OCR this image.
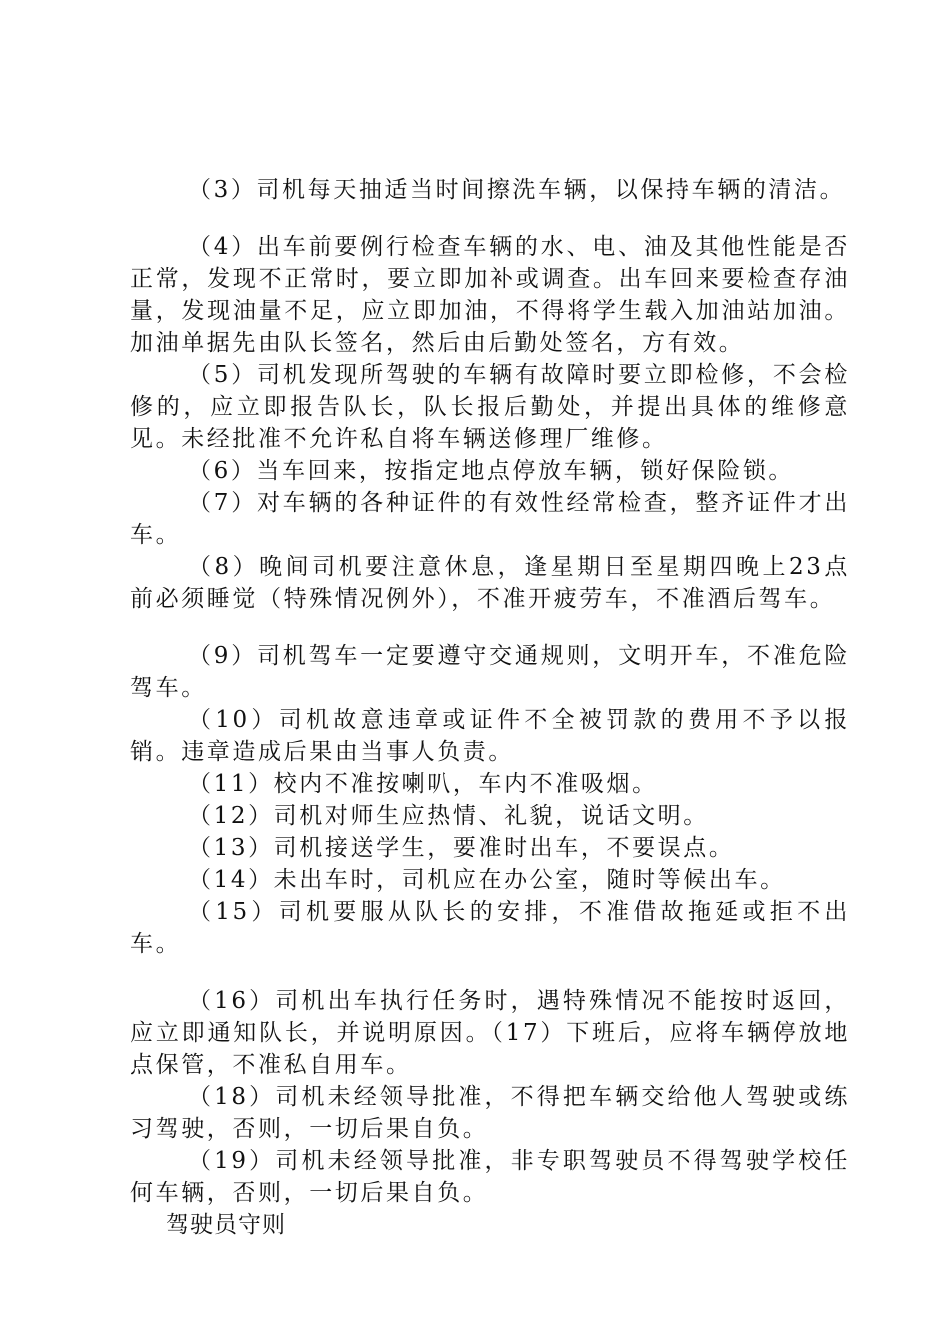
（3）司机每天抽适当时间擦洗车辆，以保持车辆的清洁。

（4）出车前要例行检查车辆的水、电、油及其他性能是否正常，发现不正常时，要立即加补或调查。出车回来要检查存油量，发现油量不足，应立即加油，不得将学生载入加油站加油。加油单据先由队长签名，然后由后勤处签名，方有效。

（5）司机发现所驾驶的车辆有故障时要立即检修，不会检修的，应立即报告队长，队长报后勤处，并提出具体的维修意见。未经批准不允许私自将车辆送修理厂维修。

（6）当车回来，按指定地点停放车辆，锁好保险锁。

（7）对车辆的各种证件的有效性经常检查，整齐证件才出车。

（8）晚间司机要注意休息，逢星期日至星期四晚上23点前必须睡觉（特殊情况例外），不准开疲劳车，不准酒后驾车。

（9）司机驾车一定要遵守交通规则，文明开车，不准危险驾车。

（10）司机故意违章或证件不全被罚款的费用不予以报销。违章造成后果由当事人负责。

（11）校内不准按喇叭，车内不准吸烟。

（12）司机对师生应热情、礼貌，说话文明。

（13）司机接送学生，要准时出车，不要误点。

（14）未出车时，司机应在办公室，随时等候出车。

（15）司机要服从队长的安排，不准借故拖延或拒不出车。

（16）司机出车执行任务时，遇特殊情况不能按时返回，应立即通知队长，并说明原因。（17）下班后，应将车辆停放地点保管，不准私自用车。

（18）司机未经领导批准，不得把车辆交给他人驾驶或练习驾驶，否则，一切后果自负。

（19）司机未经领导批准，非专职驾驶员不得驾驶学校任何车辆，否则，一切后果自负。

驾驶员守则
